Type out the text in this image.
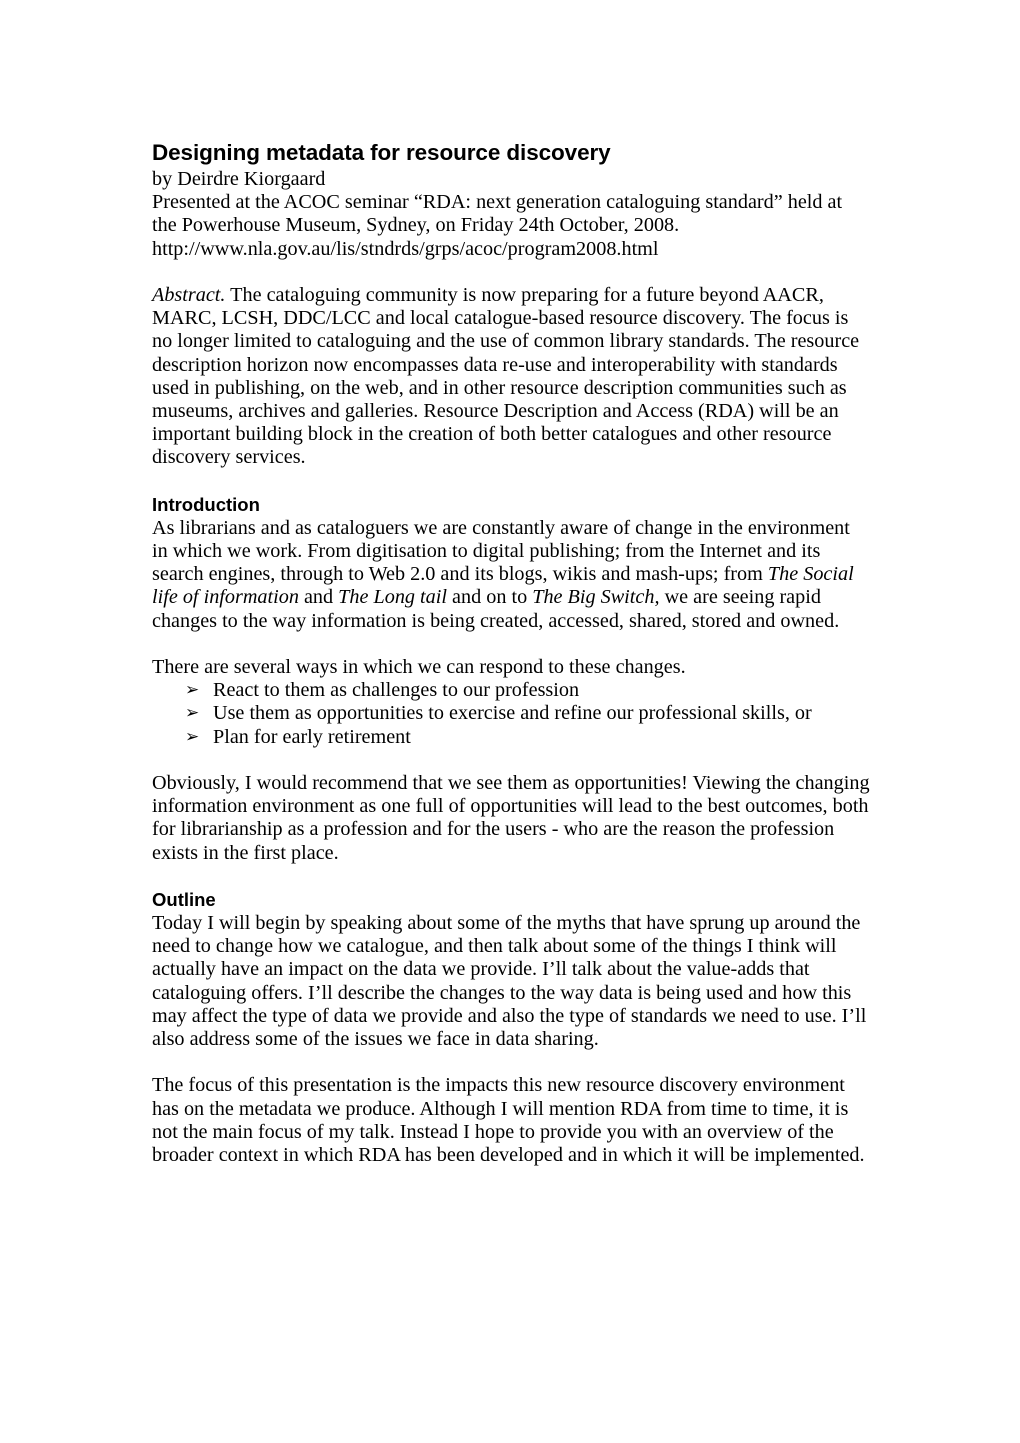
Designing metadata for resource discovery
by Deirdre Kiorgaard
Presented at the ACOC seminar “RDA: next generation cataloguing standard” held at
the Powerhouse Museum, Sydney, on Friday 24th October, 2008.
http://www.nla.gov.au/lis/stndrds/grps/acoc/program2008.html

Abstract. The cataloguing community is now preparing for a future beyond AACR, MARC, LCSH, DDC/LCC and local catalogue-based resource discovery. The focus is no longer limited to cataloguing and the use of common library standards. The resource description horizon now encompasses data re-use and interoperability with standards used in publishing, on the web, and in other resource description communities such as museums, archives and galleries. Resource Description and Access (RDA) will be an important building block in the creation of both better catalogues and other resource discovery services.

Introduction

As librarians and as cataloguers we are constantly aware of change in the environment in which we work. From digitisation to digital publishing; from the Internet and its search engines, through to Web 2.0 and its blogs, wikis and mash-ups; from The Social life of information and The Long tail and on to The Big Switch, we are seeing rapid changes to the way information is being created, accessed, shared, stored and owned.

There are several ways in which we can respond to these changes.

➢ React to them as challenges to our profession
➢ Use them as opportunities to exercise and refine our professional skills, or
➢ Plan for early retirement

Obviously, I would recommend that we see them as opportunities! Viewing the changing information environment as one full of opportunities will lead to the best outcomes, both for librarianship as a profession and for the users - who are the reason the profession exists in the first place.

Outline

Today I will begin by speaking about some of the myths that have sprung up around the need to change how we catalogue, and then talk about some of the things I think will actually have an impact on the data we provide. I’ll talk about the value-adds that cataloguing offers. I’ll describe the changes to the way data is being used and how this may affect the type of data we provide and also the type of standards we need to use. I’ll also address some of the issues we face in data sharing.

The focus of this presentation is the impacts this new resource discovery environment has on the metadata we produce. Although I will mention RDA from time to time, it is not the main focus of my talk. Instead I hope to provide you with an overview of the broader context in which RDA has been developed and in which it will be implemented.
